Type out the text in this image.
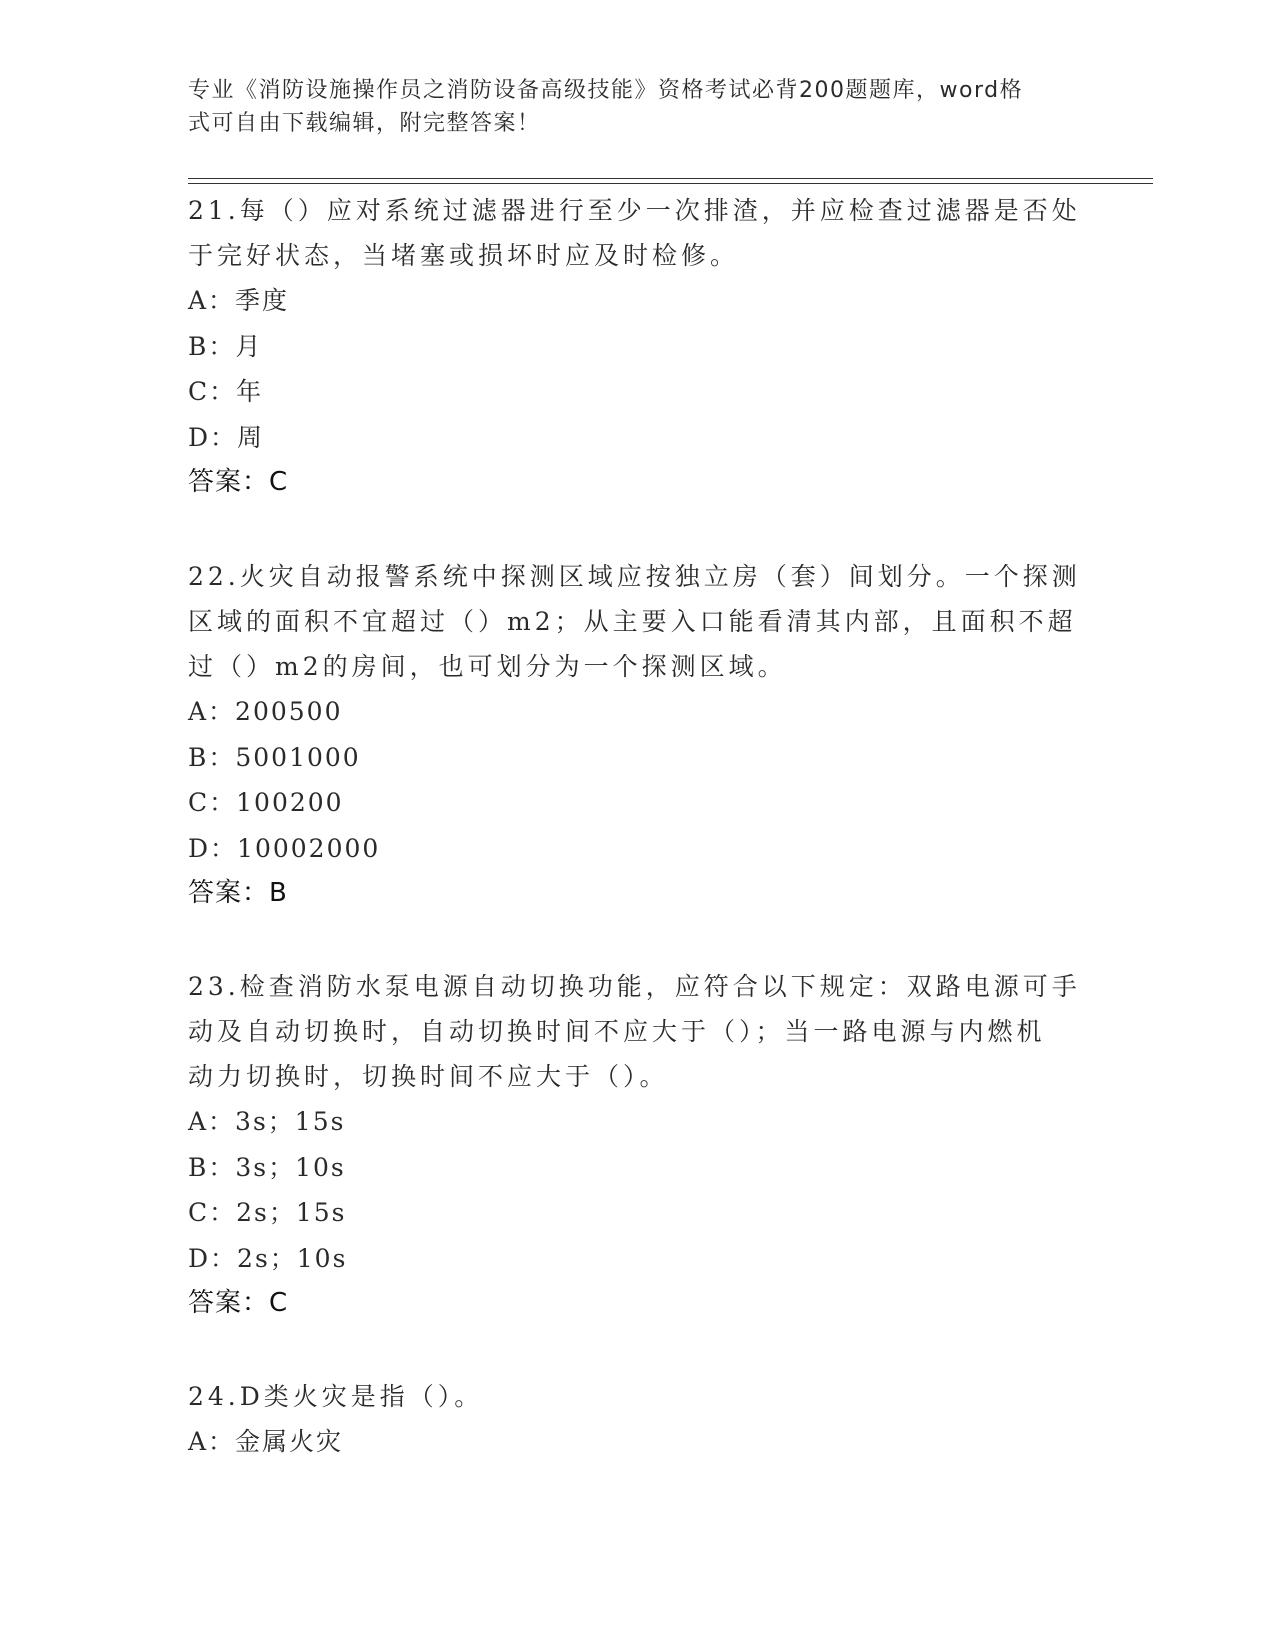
专业《消防设施操作员之消防设备高级技能》资格考试必背200题题库，word格
式可自由下载编辑，附完整答案！
21.每（）应对系统过滤器进行至少一次排渣，并应检查过滤器是否处
于完好状态，当堵塞或损坏时应及时检修。
A：季度
B：月
C：年
D：周
答案：C
22.火灾自动报警系统中探测区域应按独立房（套）间划分。一个探测
区域的面积不宜超过（）m2；从主要入口能看清其内部，且面积不超
过（）m2的房间，也可划分为一个探测区域。
A：200500
B：5001000
C：100200
D：10002000
答案：B
23.检查消防水泵电源自动切换功能，应符合以下规定：双路电源可手
动及自动切换时，自动切换时间不应大于（）；当一路电源与内燃机
动力切换时，切换时间不应大于（）。
A：3s；15s
B：3s；10s
C：2s；15s
D：2s；10s
答案：C
24.D类火灾是指（）。
A：金属火灾
